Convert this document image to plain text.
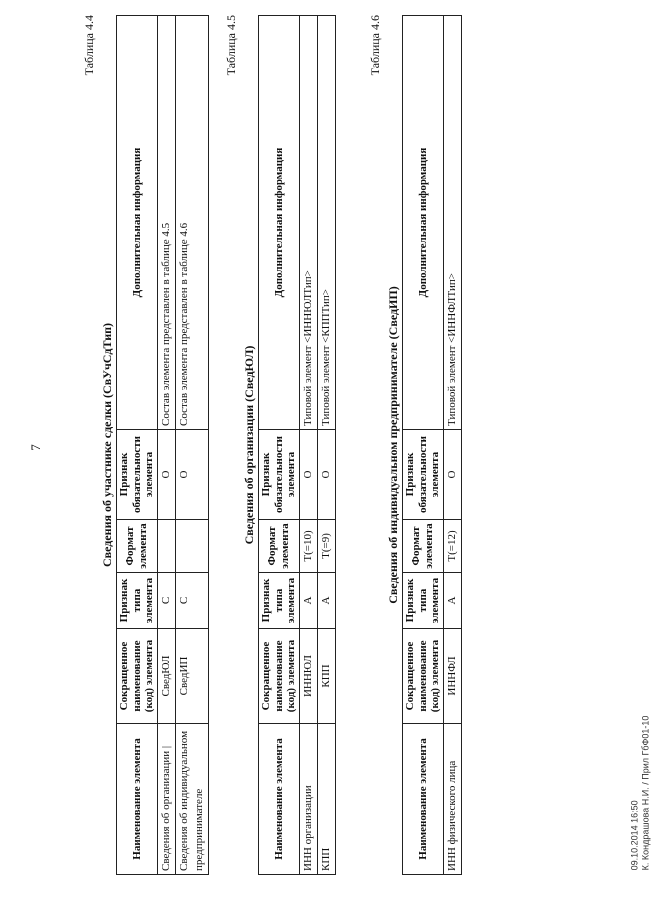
7
Таблица 4.4
Сведения об участнике сделки (СвУчСдТип)
Наименование элемента	Сокращенное наименование (код) элемента	Признак типа элемента	Формат элемента	Признак обязательности элемента	Дополнительная информация
Сведения об организации |	СведЮЛ	С		О	Состав элемента представлен в таблице 4.5
Сведения об индивидуальном предпринимателе	СведИП	С		О	Состав элемента представлен в таблице 4.6
Таблица 4.5
Сведения об организации (СведЮЛ)
Наименование элемента	Сокращенное наименование (код) элемента	Признак типа элемента	Формат элемента	Признак обязательности элемента	Дополнительная информация
ИНН организации	ИННЮЛ	А	Т(=10)	О	Типовой элемент <ИННЮЛТип>
КПП	КПП	А	Т(=9)	О	Типовой элемент <КППТип>
Таблица 4.6
Сведения об индивидуальном предпринимателе (СведИП)
Наименование элемента	Сокращенное наименование (код) элемента	Признак типа элемента	Формат элемента	Признак обязательности элемента	Дополнительная информация
ИНН физического лица	ИННФЛ	А	Т(=12)	О	Типовой элемент <ИННФЛТип>
09.10.2014 16:50 К. Кондрашова Н.И. / Прил ГбФ01-10
